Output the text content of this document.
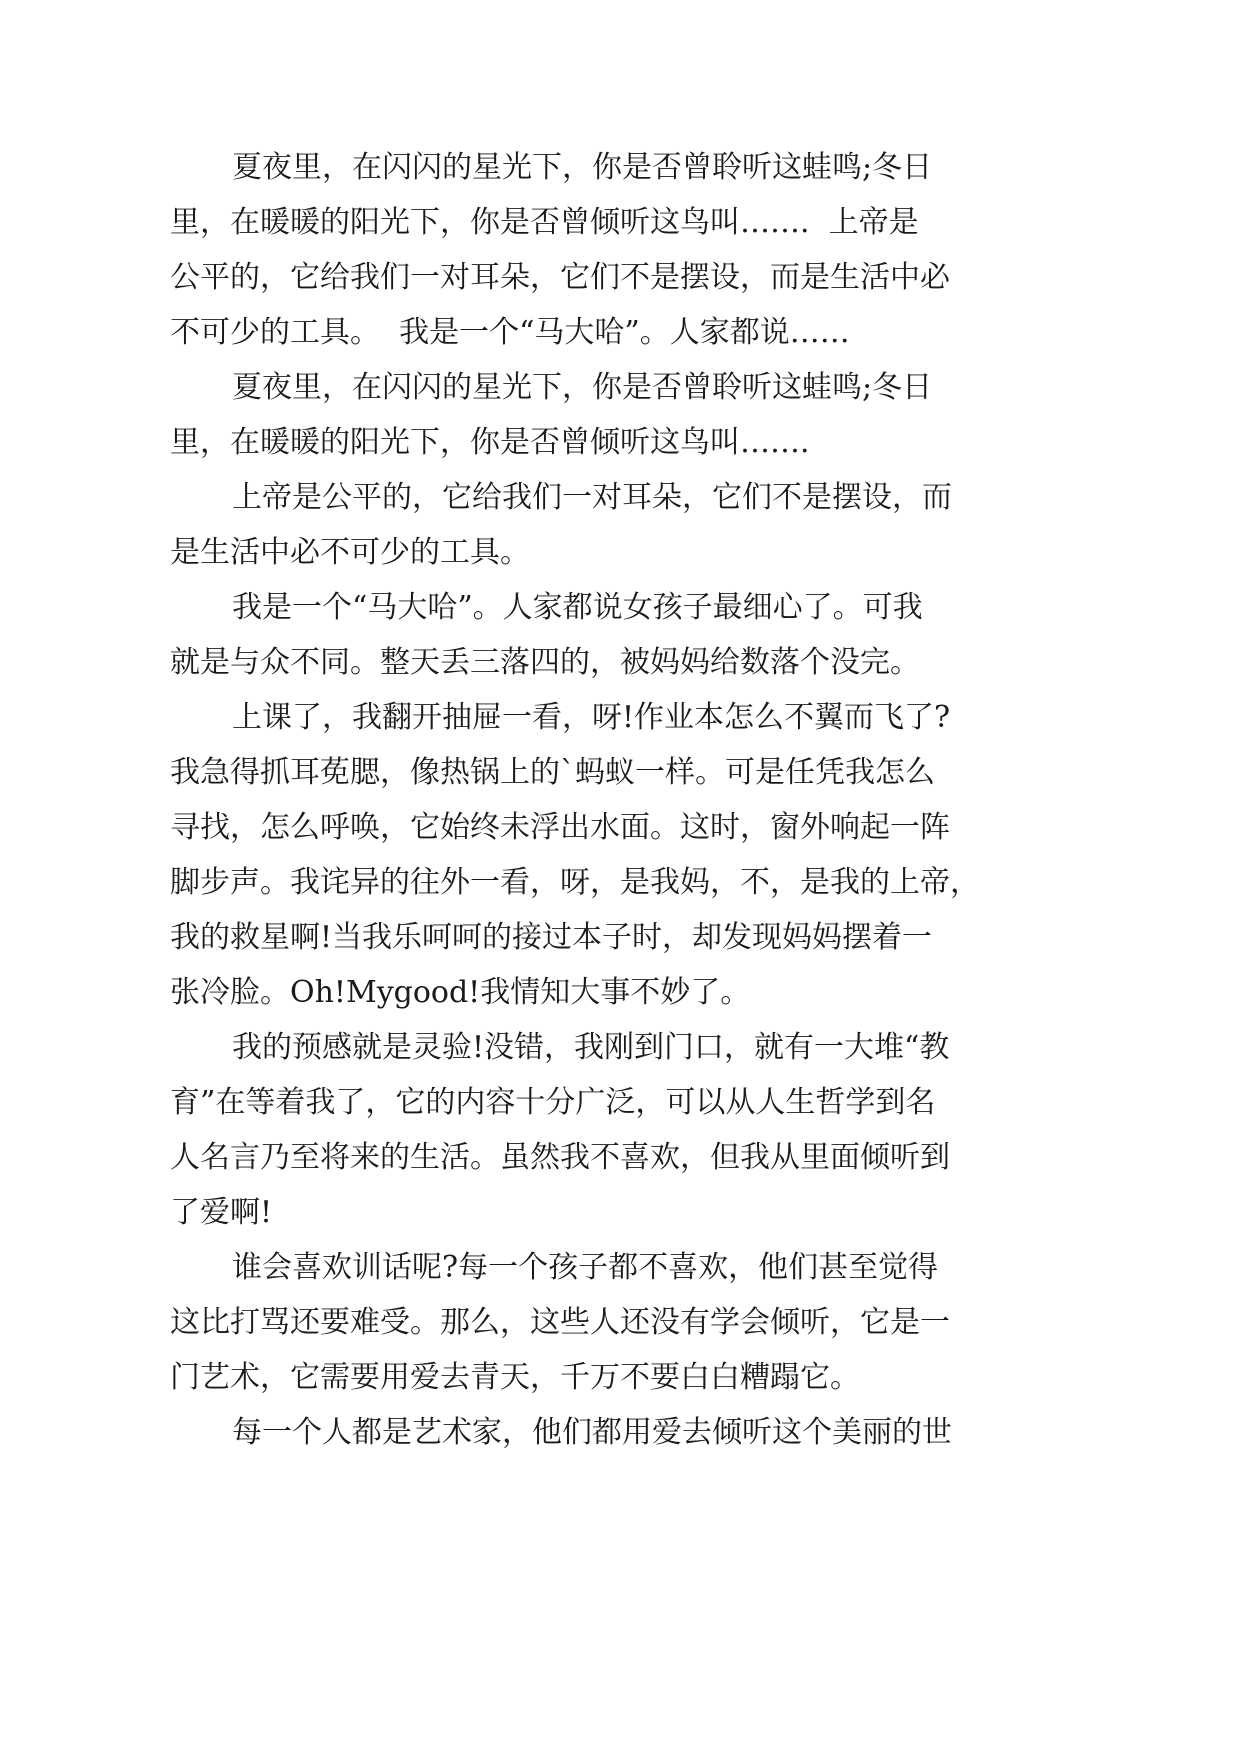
夏夜里，在闪闪的星光下，你是否曾聆听这蛙鸣;冬日

里，在暖暖的阳光下，你是否曾倾听这鸟叫…….  上帝是

公平的，它给我们一对耳朵，它们不是摆设，而是生活中必

不可少的工具。  我是一个“马大哈”。人家都说……

夏夜里，在闪闪的星光下，你是否曾聆听这蛙鸣;冬日

里，在暖暖的阳光下，你是否曾倾听这鸟叫…….

上帝是公平的，它给我们一对耳朵，它们不是摆设，而

是生活中必不可少的工具。

我是一个“马大哈”。人家都说女孩子最细心了。可我

就是与众不同。整天丢三落四的，被妈妈给数落个没完。

上课了，我翻开抽屉一看，呀!作业本怎么不翼而飞了?

我急得抓耳莬腮，像热锅上的`蚂蚁一样。可是任凭我怎么

寻找，怎么呼唤，它始终未浮出水面。这时，窗外响起一阵

脚步声。我诧异的往外一看，呀，是我妈，不，是我的上帝，

我的救星啊!当我乐呵呵的接过本子时，却发现妈妈摆着一

张冷脸。Oh!Mygood!我情知大事不妙了。

我的预感就是灵验!没错，我刚到门口，就有一大堆“教

育”在等着我了，它的内容十分广泛，可以从人生哲学到名

人名言乃至将来的生活。虽然我不喜欢，但我从里面倾听到

了爱啊!

谁会喜欢训话呢?每一个孩子都不喜欢，他们甚至觉得

这比打骂还要难受。那么，这些人还没有学会倾听，它是一

门艺术，它需要用爱去青天，千万不要白白糟蹋它。

每一个人都是艺术家，他们都用爱去倾听这个美丽的世
